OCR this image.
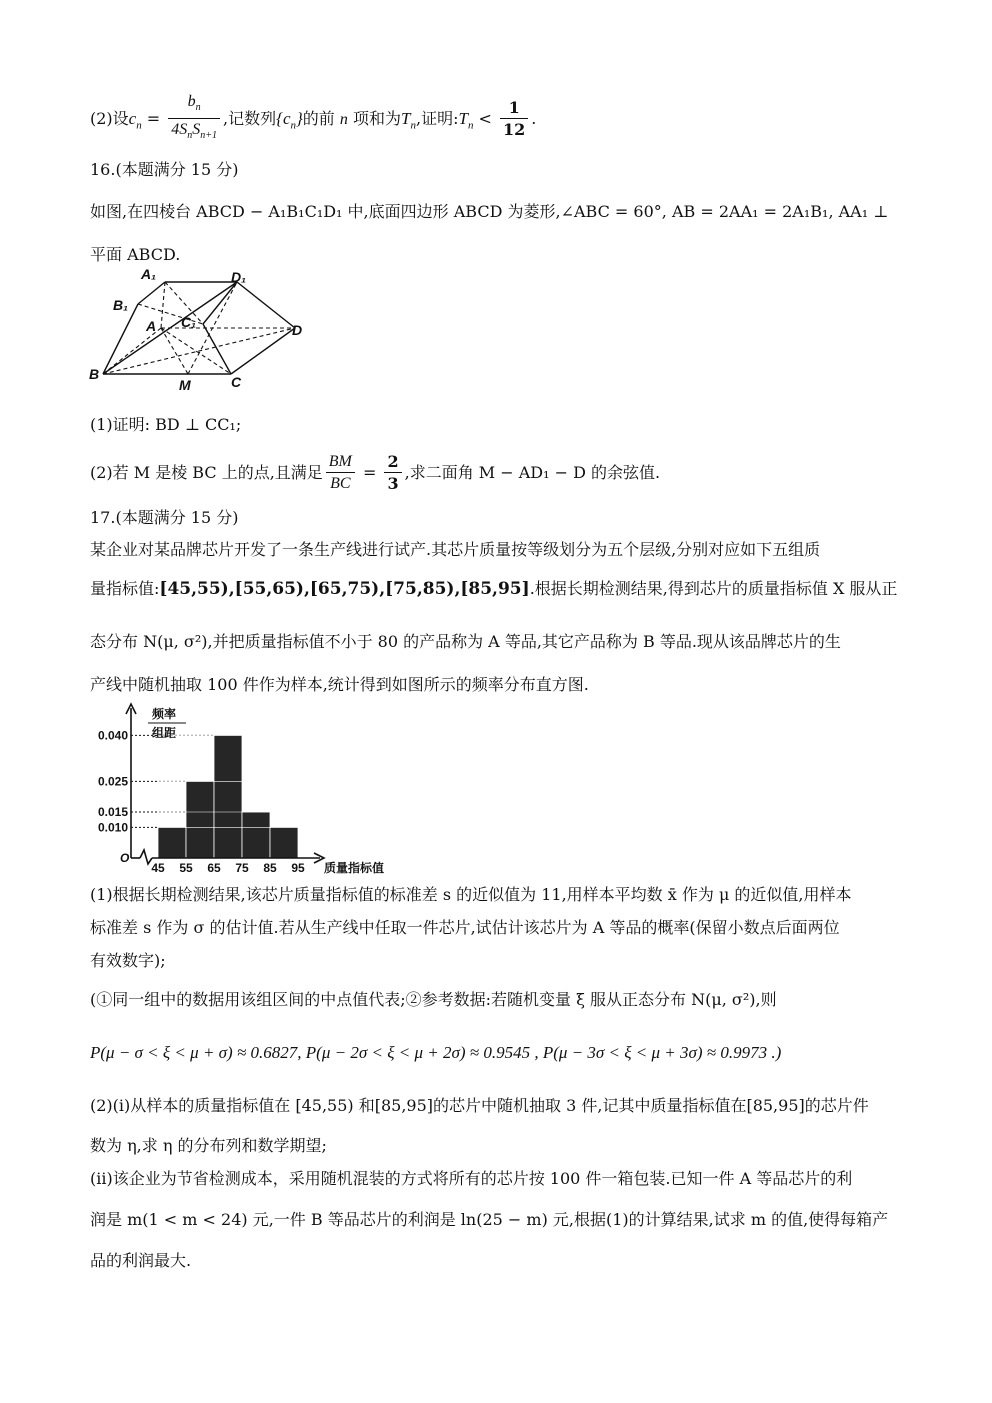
(2)设$c_n = \frac{b_n}{4S_nS_{n+1}}$ ,记数列$\{c_n\}$的前 n 项和为$T_n$,证明$:T_n < \frac{1}{12}$ .
16.(本题满分 15 分)
如图,在四棱台 ABCD − A₁B₁C₁D₁ 中,底面四边形 ABCD 为菱形,∠ABC = 60°, AB = 2AA₁ = 2A₁B₁, AA₁ ⊥
平面 ABCD.
A₁	D₁
B₁
A C₁	D
B
M	C
(1)证明: BD ⊥ CC₁;
(2)若 M 是棱 BC 上的点,且满足 $\frac{BM}{BC} = \frac{2}{3}$ ,求二面角 M − AD₁ − D 的余弦值.
17.(本题满分 15 分)
某企业对某品牌芯片开发了一条生产线进行试产.其芯片质量按等级划分为五个层级,分别对应如下五组质
量指标值:[45,55),[55,65),[65,75),[75,85),[85,95].根据长期检测结果,得到芯片的质量指标值 X 服从正
态分布 N(μ, σ²),并把质量指标值不小于 80 的产品称为 A 等品,其它产品称为 B 等品.现从该品牌芯片的生
产线中随机抽取 100 件作为样本,统计得到如图所示的频率分布直方图.
频率
组距
O
质量指标值
0.040
0.025
0.015
0.010
45 55 65 75 85 95
(1)根据长期检测结果,该芯片质量指标值的标准差 s 的近似值为 11,用样本平均数 x̄ 作为 μ 的近似值,用样本
标准差 s 作为 σ 的估计值.若从生产线中任取一件芯片,试估计该芯片为 A 等品的概率(保留小数点后面两位
有效数字);
(①同一组中的数据用该组区间的中点值代表;②参考数据:若随机变量 ξ 服从正态分布 N(μ, σ²),则
P(μ − σ < ξ < μ + σ) ≈ 0.6827, P(μ − 2σ < ξ < μ + 2σ) ≈ 0.9545 , P(μ − 3σ < ξ < μ + 3σ) ≈ 0.9973 .)
(2)(i)从样本的质量指标值在 [45,55) 和[85,95]的芯片中随机抽取 3 件,记其中质量指标值在[85,95]的芯片件
数为 η,求 η 的分布列和数学期望;
(ii)该企业为节省检测成本，采用随机混装的方式将所有的芯片按 100 件一箱包装.已知一件 A 等品芯片的利
润是 m(1 < m < 24) 元,一件 B 等品芯片的利润是 ln(25 − m) 元,根据(1)的计算结果,试求 m 的值,使得每箱产
品的利润最大.
